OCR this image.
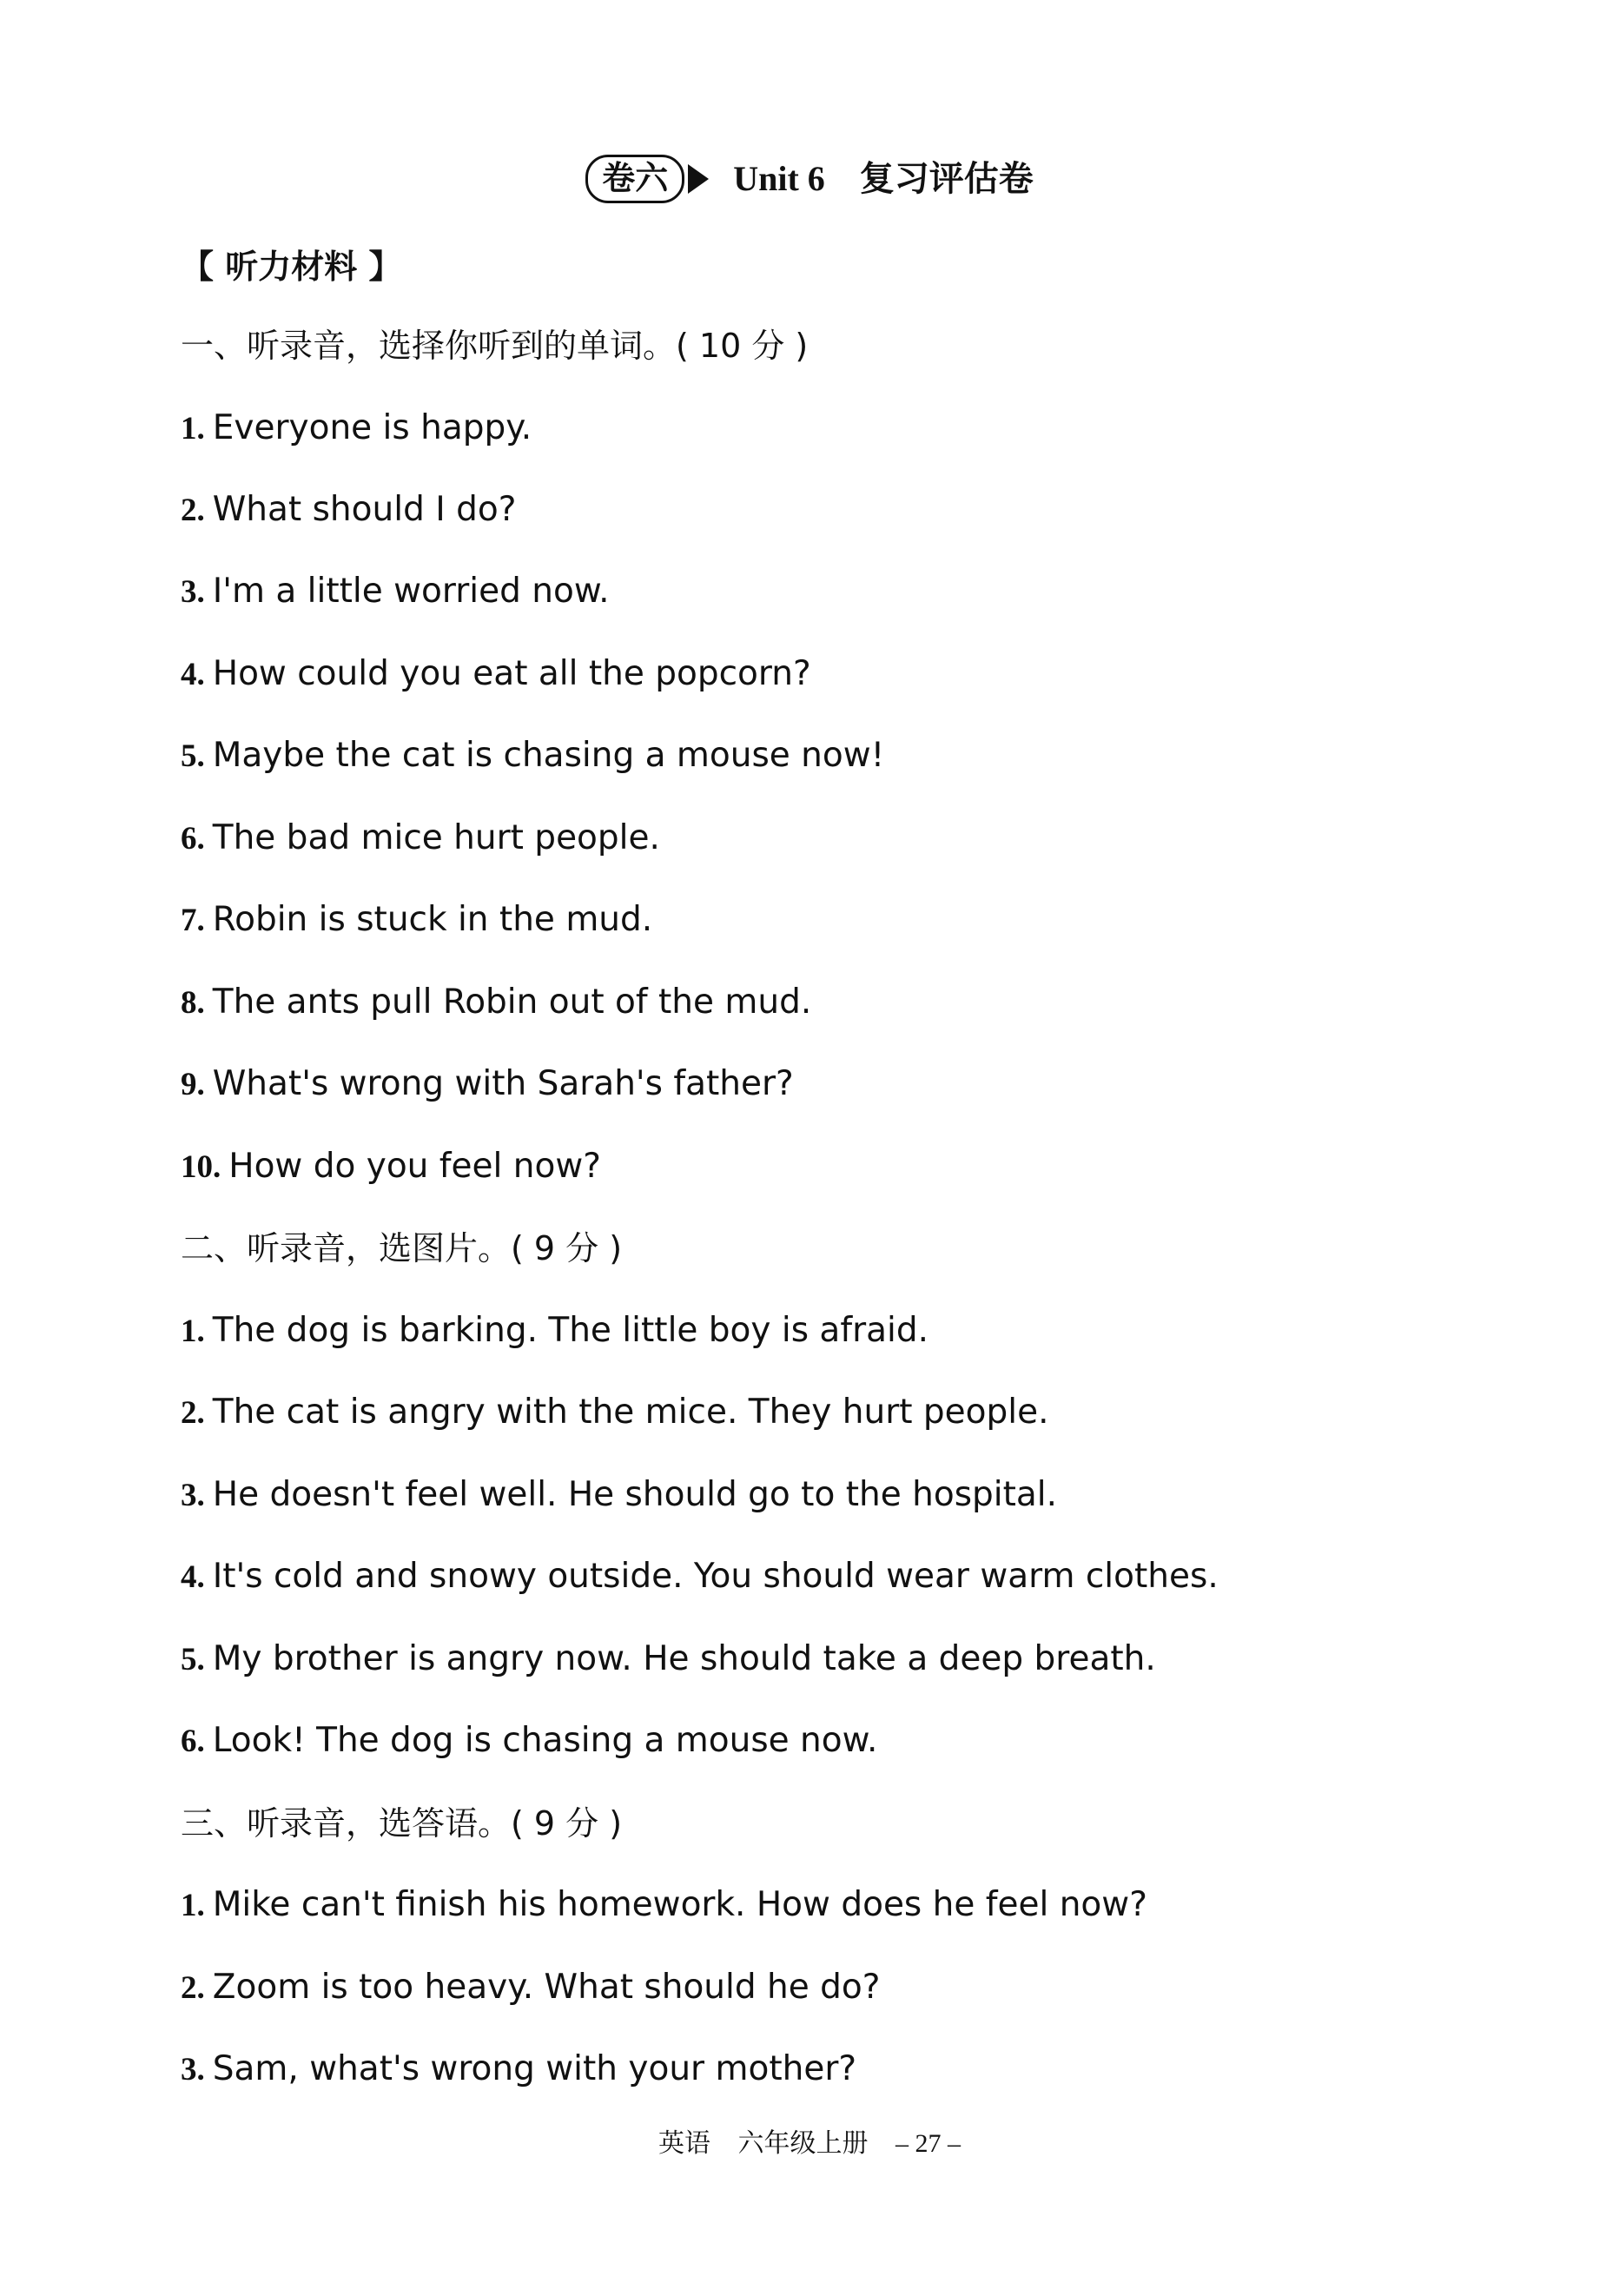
卷六	Unit 6 复习评估卷
【 听力材料 】
一、听录音，选择你听到的单词。( 10 分 )
1. Everyone is happy.
2. What should I do?
3. I'm a little worried now.
4. How could you eat all the popcorn?
5. Maybe the cat is chasing a mouse now!
6. The bad mice hurt people.
7. Robin is stuck in the mud.
8. The ants pull Robin out of the mud.
9. What's wrong with Sarah's father?
10. How do you feel now?
二、听录音，选图片。( 9 分 )
1. The dog is barking. The little boy is afraid.
2. The cat is angry with the mice. They hurt people.
3. He doesn't feel well. He should go to the hospital.
4. It's cold and snowy outside. You should wear warm clothes.
5. My brother is angry now. He should take a deep breath.
6. Look! The dog is chasing a mouse now.
三、听录音，选答语。( 9 分 )
1. Mike can't finish his homework. How does he feel now?
2. Zoom is too heavy. What should he do?
3. Sam, what's wrong with your mother?
英语 六年级上册 – 27 –
